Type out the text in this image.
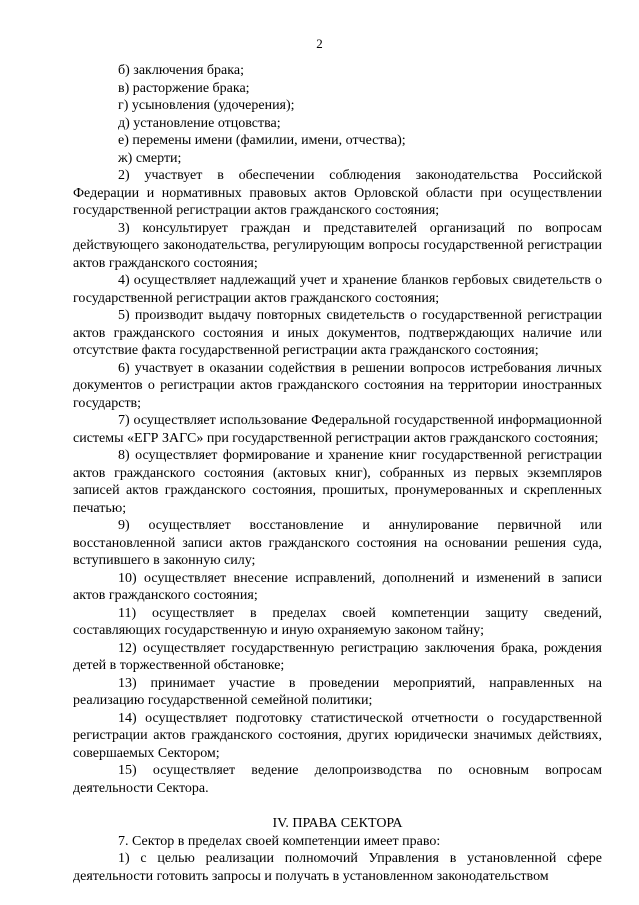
2

б) заключения брака;

в) расторжение брака;

г) усыновления (удочерения);

д) установление отцовства;

е) перемены имени (фамилии, имени, отчества);

ж) смерти;

2) участвует в обеспечении соблюдения законодательства Российской Федерации и нормативных правовых актов Орловской области при осуществлении государственной регистрации актов гражданского состояния;

3) консультирует граждан и представителей организаций по вопросам действующего законодательства, регулирующим вопросы государственной регистрации актов гражданского состояния;

4) осуществляет надлежащий учет и хранение бланков гербовых свидетельств о государственной регистрации актов гражданского состояния;

5) производит выдачу повторных свидетельств о государственной регистрации актов гражданского состояния и иных документов, подтверждающих наличие или отсутствие факта государственной регистрации акта гражданского состояния;

6) участвует в оказании содействия в решении вопросов истребования личных документов о регистрации актов гражданского состояния на территории иностранных государств;

7) осуществляет использование Федеральной государственной информационной системы «ЕГР ЗАГС» при государственной регистрации актов гражданского состояния;

8) осуществляет формирование и хранение книг государственной регистрации актов гражданского состояния (актовых книг), собранных из первых экземпляров записей актов гражданского состояния, прошитых, пронумерованных и скрепленных печатью;

9) осуществляет восстановление и аннулирование первичной или восстановленной записи актов гражданского состояния на основании решения суда, вступившего в законную силу;

10) осуществляет внесение исправлений, дополнений и изменений в записи актов гражданского состояния;

11) осуществляет в пределах своей компетенции защиту сведений, составляющих государственную и иную охраняемую законом тайну;

12) осуществляет государственную регистрацию заключения брака, рождения детей в торжественной обстановке;

13) принимает участие в проведении мероприятий, направленных на реализацию государственной семейной политики;

14) осуществляет подготовку статистической отчетности о государственной регистрации актов гражданского состояния, других юридически значимых действиях, совершаемых Сектором;

15) осуществляет ведение делопроизводства по основным вопросам деятельности Сектора.

IV. ПРАВА СЕКТОРА

7. Сектор в пределах своей компетенции имеет право:

1) с целью реализации полномочий Управления в установленной сфере деятельности готовить запросы и получать в установленном законодательством
